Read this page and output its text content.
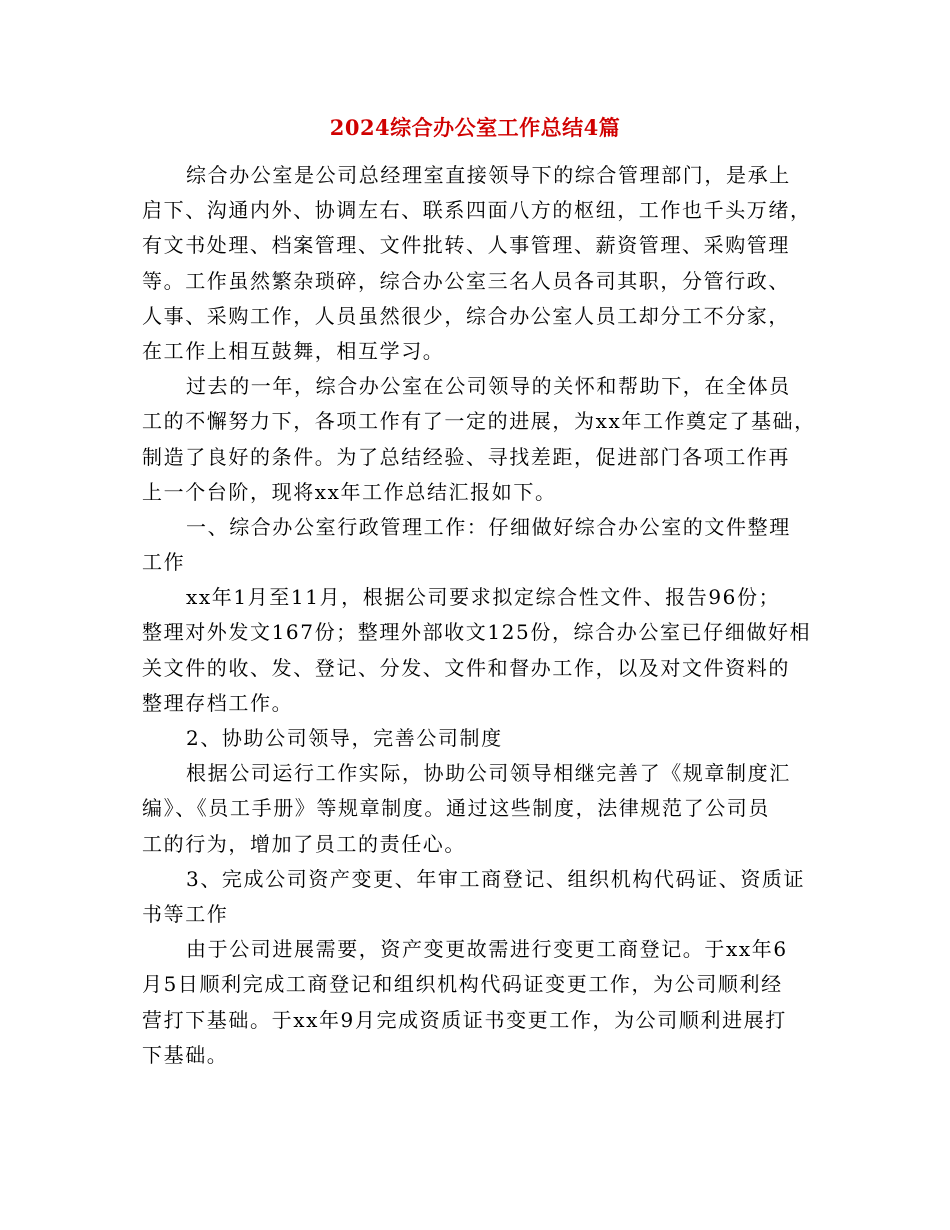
2024综合办公室工作总结4篇
综合办公室是公司总经理室直接领导下的综合管理部门，是承上
启下、沟通内外、协调左右、联系四面八方的枢纽，工作也千头万绪，
有文书处理、档案管理、文件批转、人事管理、薪资管理、采购管理
等。工作虽然繁杂琐碎，综合办公室三名人员各司其职，分管行政、
人事、采购工作，人员虽然很少，综合办公室人员工却分工不分家，
在工作上相互鼓舞，相互学习。
过去的一年，综合办公室在公司领导的关怀和帮助下，在全体员
工的不懈努力下，各项工作有了一定的进展，为xx年工作奠定了基础，
制造了良好的条件。为了总结经验、寻找差距，促进部门各项工作再
上一个台阶，现将xx年工作总结汇报如下。
一、综合办公室行政管理工作：仔细做好综合办公室的文件整理
工作
xx年1月至11月，根据公司要求拟定综合性文件、报告96份；
整理对外发文167份；整理外部收文125份，综合办公室已仔细做好相
关文件的收、发、登记、分发、文件和督办工作，以及对文件资料的
整理存档工作。
2、协助公司领导，完善公司制度
根据公司运行工作实际，协助公司领导相继完善了《规章制度汇
编》、《员工手册》等规章制度。通过这些制度，法律规范了公司员
工的行为，增加了员工的责任心。
3、完成公司资产变更、年审工商登记、组织机构代码证、资质证
书等工作
由于公司进展需要，资产变更故需进行变更工商登记。于xx年6
月5日顺利完成工商登记和组织机构代码证变更工作，为公司顺利经
营打下基础。于xx年9月完成资质证书变更工作，为公司顺利进展打
下基础。
